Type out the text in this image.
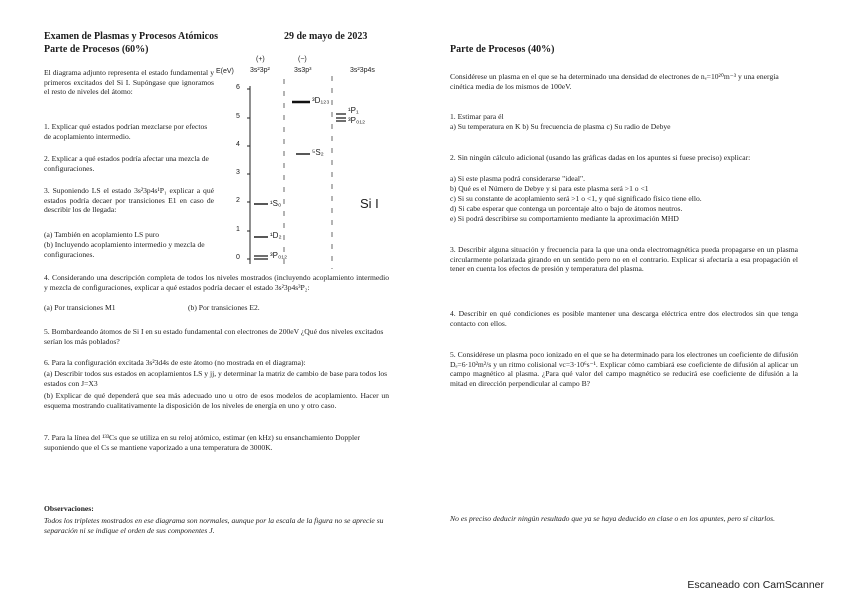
Examen de Plasmas y Procesos Atómicos	29 de mayo de 2023
Parte de Procesos (60%)
El diagrama adjunto representa el estado fundamental y primeros excitados del Si I. Supóngase que ignoramos el resto de niveles del átomo:
1. Explicar qué estados podrían mezclarse por efectos de acoplamiento intermedio.
2. Explicar a qué estados podría afectar una mezcla de configuraciones.
3. Suponiendo LS el estado 3s²3p4s¹P₁ explicar a qué estados podría decaer por transiciones E1 en caso de describir los de llegada:
(a) También en acoplamiento LS puro
(b) Incluyendo acoplamiento intermedio y mezcla de configuraciones.
4. Considerando una descripción completa de todos los niveles mostrados (incluyendo acoplamiento intermedio y mezcla de configuraciones, explicar a qué estados podría decaer el estado 3s²3p4s³P₂:
(a) Por transiciones M1	(b) Por transiciones E2.
5. Bombardeando átomos de Si I en su estado fundamental con electrones de 200eV ¿Qué dos niveles excitados serían los más poblados?
6. Para la configuración excitada 3s²3d4s de este átomo (no mostrada en el diagrama):
(a) Describir todos sus estados en acoplamientos LS y jj, y determinar la matriz de cambio de base para todos los estados con J=X3
(b) Explicar de qué dependerá que sea más adecuado uno u otro de esos modelos de acoplamiento. Hacer un esquema mostrando cualitativamente la disposición de los niveles de energía en uno y otro caso.
7. Para la línea del ¹³³Cs que se utiliza en su reloj atómico, estimar (en kHz) su ensanchamiento Doppler suponiendo que el Cs se mantiene vaporizado a una temperatura de 3000K.
Observaciones:
Todos los tripletes mostrados en ese diagrama son normales, aunque por la escala de la figura no se aprecie su separación ni se indique el orden de sus componentes J.
E(eV)
(+)	(−)
3s²3p²	3s3p³	3s²3p4s
6
5
4
3
2
1
0
³D₁₂₃
¹P₁
³P₀₁₂
⁵S₂
¹S₀
¹D₂
³P₀₁₂
Si I
Parte de Procesos (40%)
Considérese un plasma en el que se ha determinado una densidad de electrones de nₑ=10²⁰m⁻³ y una energía cinética media de los mismos de 100eV.
1. Estimar para él
a) Su temperatura en K b) Su frecuencia de plasma c) Su radio de Debye
2. Sin ningún cálculo adicional (usando las gráficas dadas en los apuntes si fuese preciso) explicar:
a) Si este plasma podrá considerarse "ideal".
b) Qué es el Número de Debye y si para este plasma será >1 o <1
c) Si su constante de acoplamiento será >1 o <1, y qué significado físico tiene ello.
d) Si cabe esperar que contenga un porcentaje alto o bajo de átomos neutros.
e) Si podrá describirse su comportamiento mediante la aproximación MHD
3. Describir alguna situación y frecuencia para la que una onda electromagnética pueda propagarse en un plasma circularmente polarizada girando en un sentido pero no en el contrario. Explicar si afectaría a esa propagación el tener en cuenta los efectos de presión y temperatura del plasma.
4. Describir en qué condiciones es posible mantener una descarga eléctrica entre dos electrodos sin que tenga contacto con ellos.
5. Considérese un plasma poco ionizado en el que se ha determinado para los electrones un coeficiente de difusión Dₑ=6·10²m²/s y un ritmo colisional νc=3·10⁶s⁻¹. Explicar cómo cambiará ese coeficiente de difusión al aplicar un campo magnético al plasma. ¿Para qué valor del campo magnético se reducirá ese coeficiente de difusión a la mitad en dirección perpendicular al campo B?
No es preciso deducir ningún resultado que ya se haya deducido en clase o en los apuntes, pero sí citarlos.
Escaneado con CamScanner
